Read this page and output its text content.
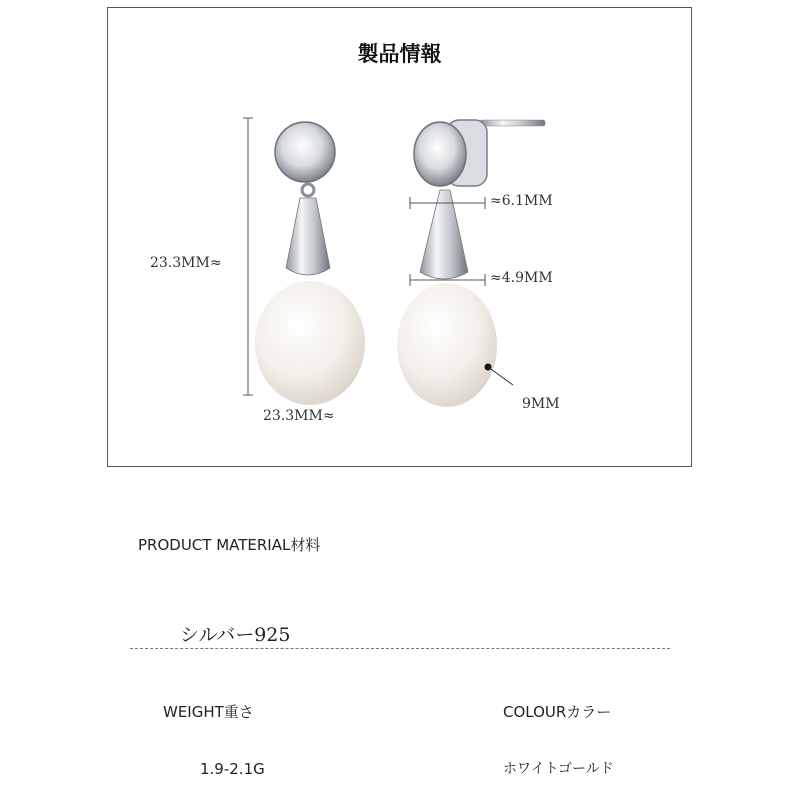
製品情報
23.3MM≈
23.3MM≈
≈6.1MM
≈4.9MM
9MM
PRODUCT MATERIAL材料
シルバー925
WEIGHT重さ	COLOURカラー
1.9-2.1G	ホワイトゴールド
